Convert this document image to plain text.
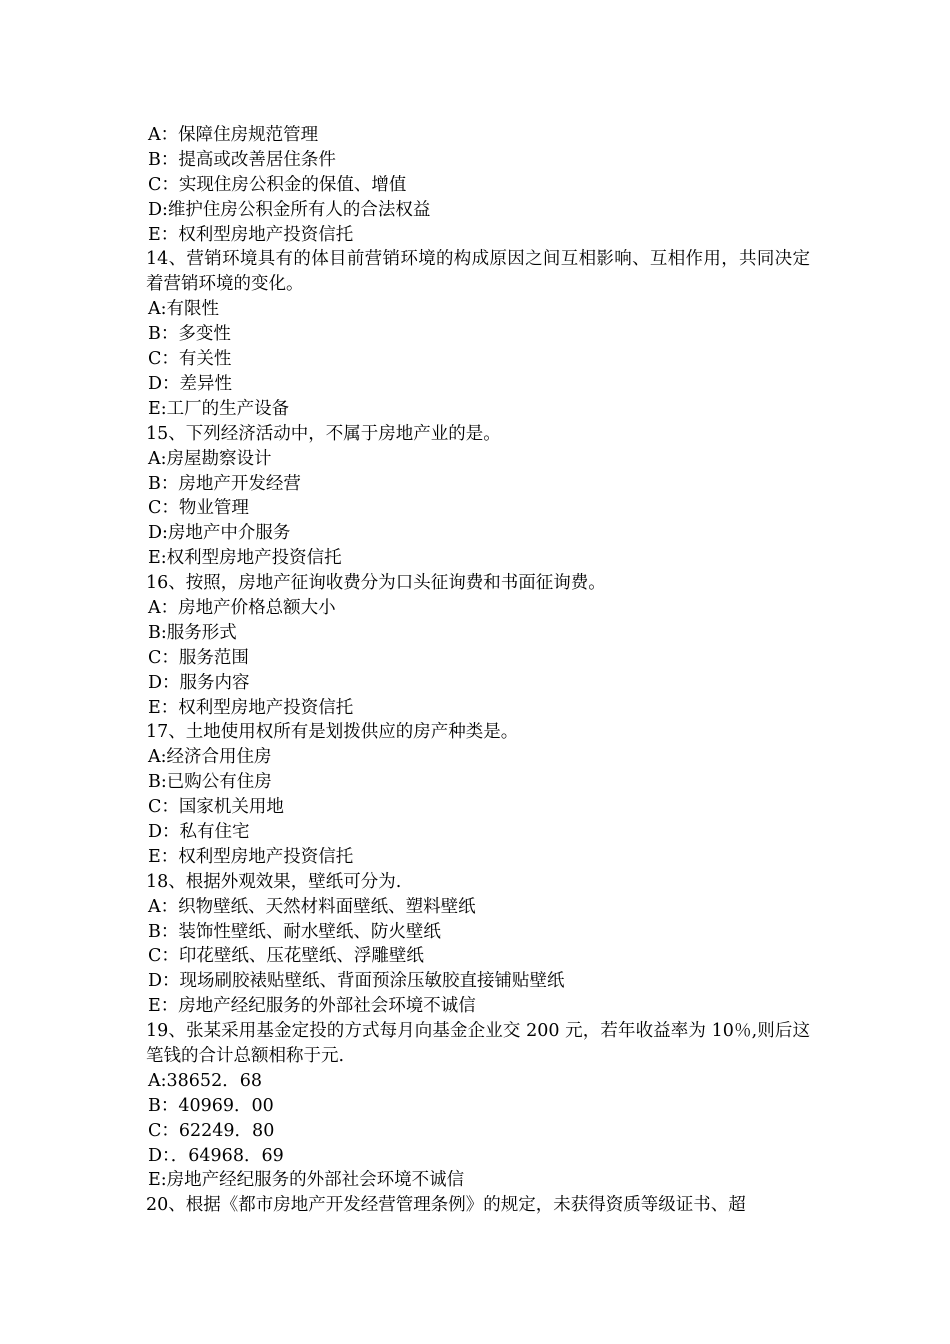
A：保障住房规范管理
B：提高或改善居住条件
C：实现住房公积金的保值、增值
D:维护住房公积金所有人的合法权益
E：权利型房地产投资信托
14、营销环境具有的体目前营销环境的构成原因之间互相影响、互相作用，共同决定着营销环境的变化。
A:有限性
B：多变性
C：有关性
D：差异性
E:工厂的生产设备
15、下列经济活动中，不属于房地产业的是。
A:房屋勘察设计
B：房地产开发经营
C：物业管理
D:房地产中介服务
E:权利型房地产投资信托
16、按照，房地产征询收费分为口头征询费和书面征询费。
A：房地产价格总额大小
B:服务形式
C：服务范围
D：服务内容
E：权利型房地产投资信托
17、土地使用权所有是划拨供应的房产种类是。
A:经济合用住房
B:已购公有住房
C：国家机关用地
D：私有住宅
E：权利型房地产投资信托
18、根据外观效果，壁纸可分为.
A：织物壁纸、天然材料面壁纸、塑料壁纸
B：装饰性壁纸、耐水壁纸、防火壁纸
C：印花壁纸、压花壁纸、浮雕壁纸
D：现场刷胶裱贴壁纸、背面预涂压敏胶直接铺贴壁纸
E：房地产经纪服务的外部社会环境不诚信
19、张某采用基金定投的方式每月向基金企业交 200 元，若年收益率为 10％,则后这笔钱的合计总额相称于元.
A:38652．68
B：40969．00
C：62249．80
D：．64968．69
E:房地产经纪服务的外部社会环境不诚信
20、根据《都市房地产开发经营管理条例》的规定，未获得资质等级证书、超
